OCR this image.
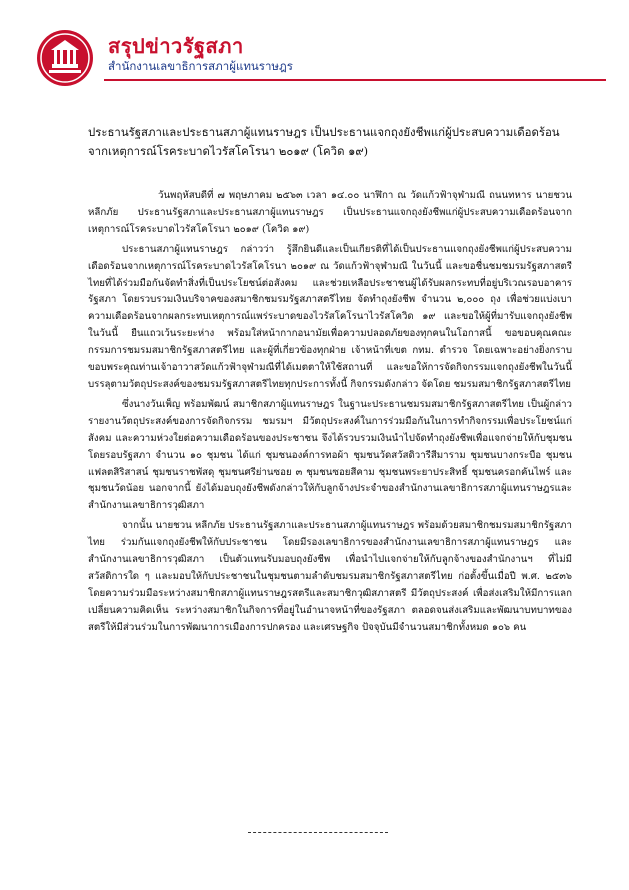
สรุปข่าวรัฐสภา
สำนักงานเลขาธิการสภาผู้แทนราษฎร
ประธานรัฐสภาและประธานสภาผู้แทนราษฎร เป็นประธานแจกถุงยังชีพแก่ผู้ประสบความเดือดร้อนจากเหตุการณ์โรคระบาดไวรัสโคโรนา ๒๐๑๙ (โควิด ๑๙)

วันพฤหัสบดีที่ ๗ พฤษภาคม ๒๕๖๓ เวลา ๑๔.๐๐ นาฬิกา ณ วัดแก้วฟ้าจุฬามณี ถนนทหาร นายชวน หลีกภัย ประธานรัฐสภาและประธานสภาผู้แทนราษฎร เป็นประธานแจกถุงยังชีพแก่ผู้ประสบความเดือดร้อนจากเหตุการณ์โรคระบาดไวรัสโคโรนา ๒๐๑๙ (โควิด ๑๙)

ประธานสภาผู้แทนราษฎร กล่าวว่า รู้สึกยินดีและเป็นเกียรติที่ได้เป็นประธานแจกถุงยังชีพแก่ผู้ประสบความเดือดร้อนจากเหตุการณ์โรคระบาดไวรัสโคโรนา ๒๐๑๙ ณ วัดแก้วฟ้าจุฬามณี ในวันนี้ และขอชื่นชมชมรมรัฐสภาสตรีไทยที่ได้ร่วมมือกันจัดทำสิ่งที่เป็นประโยชน์ต่อสังคม และช่วยเหลือประชาชนผู้ได้รับผลกระทบที่อยู่บริเวณรอบอาคารรัฐสภา โดยรวบรวมเงินบริจาคของสมาชิกชมรมรัฐสภาสตรีไทย จัดทำถุงยังชีพ จำนวน ๒,๐๐๐ ถุง เพื่อช่วยแบ่งเบาความเดือดร้อนจากผลกระทบเหตุการณ์แพร่ระบาดของไวรัสโคโรนาไวรัสโควิด ๑๙ และขอให้ผู้ที่มารับแจกถุงยังชีพในวันนี้ ยืนแถวเว้นระยะห่าง พร้อมใส่หน้ากากอนามัยเพื่อความปลอดภัยของทุกคนในโอกาสนี้ ขอขอบคุณคณะกรรมการชมรมสมาชิกรัฐสภาสตรีไทย และผู้ที่เกี่ยวข้องทุกฝ่าย เจ้าหน้าที่เขต กทม. ตำรวจ โดยเฉพาะอย่างยิ่งกราบขอบพระคุณท่านเจ้าอาวาสวัดแก้วฟ้าจุฬามณีที่ได้เมตตาให้ใช้สถานที่ และขอให้การจัดกิจกรรมแจกถุงยังชีพในวันนี้บรรลุตามวัตถุประสงค์ของชมรมรัฐสภาสตรีไทยทุกประการทั้งนี้ กิจกรรมดังกล่าว จัดโดย ชมรมสมาชิกรัฐสภาสตรีไทย

ซึ่งนางวันเพ็ญ พร้อมพัฒน์ สมาชิกสภาผู้แทนราษฎร ในฐานะประธานชมรมสมาชิกรัฐสภาสตรีไทย เป็นผู้กล่าวรายงานวัตถุประสงค์ของการจัดกิจกรรม ชมรมฯ มีวัตถุประสงค์ในการร่วมมือกันในการทำกิจกรรมเพื่อประโยชน์แก่สังคม และความห่วงใยต่อความเดือดร้อนของประชาชน จึงได้รวบรวมเงินนำไปจัดทำถุงยังชีพเพื่อแจกจ่ายให้กับชุมชนโดยรอบรัฐสภา จำนวน ๑๐ ชุมชน ได้แก่ ชุมชนองค์การทอผ้า ชุมชนวัดสวัสดิวารีสีมาราม ชุมชนบางกระบือ ชุมชนแฟลตสิริสาสน์ ชุมชนราชพัสดุ ชุมชนศรีย่านซอย ๓ ชุมชนซอยสีคาม ชุมชนพระยาประสิทธิ์ ชุมชนครอกคันไพร์ และชุมชนวัดน้อย นอกจากนี้ ยังได้มอบถุงยังชีพดังกล่าวให้กับลูกจ้างประจำของสำนักงานเลขาธิการสภาผู้แทนราษฎรและสำนักงานเลขาธิการวุฒิสภา

จากนั้น นายชวน หลีกภัย ประธานรัฐสภาและประธานสภาผู้แทนราษฎร พร้อมด้วยสมาชิกชมรมสมาชิกรัฐสภาไทย ร่วมกันแจกถุงยังชีพให้กับประชาชน โดยมีรองเลขาธิการของสำนักงานเลขาธิการสภาผู้แทนราษฎร และสำนักงานเลขาธิการวุฒิสภา เป็นตัวแทนรับมอบถุงยังชีพ เพื่อนำไปแจกจ่ายให้กับลูกจ้างของสำนักงานฯ ที่ไม่มีสวัสดิการใด ๆ และมอบให้กับประชาชนในชุมชนตามลำดับชมรมสมาชิกรัฐสภาสตรีไทย ก่อตั้งขึ้นเมื่อปี พ.ศ. ๒๕๓๖ โดยความร่วมมือระหว่างสมาชิกสภาผู้แทนราษฎรสตรีและสมาชิกวุฒิสภาสตรี มีวัตถุประสงค์ เพื่อส่งเสริมให้มีการแลกเปลี่ยนความคิดเห็น ระหว่างสมาชิกในกิจการที่อยู่ในอำนาจหน้าที่ของรัฐสภา ตลอดจนส่งเสริมและพัฒนาบทบาทของสตรีให้มีส่วนร่วมในการพัฒนาการเมืองการปกครอง และเศรษฐกิจ ปัจจุบันมีจำนวนสมาชิกทั้งหมด ๑๐๖ คน
